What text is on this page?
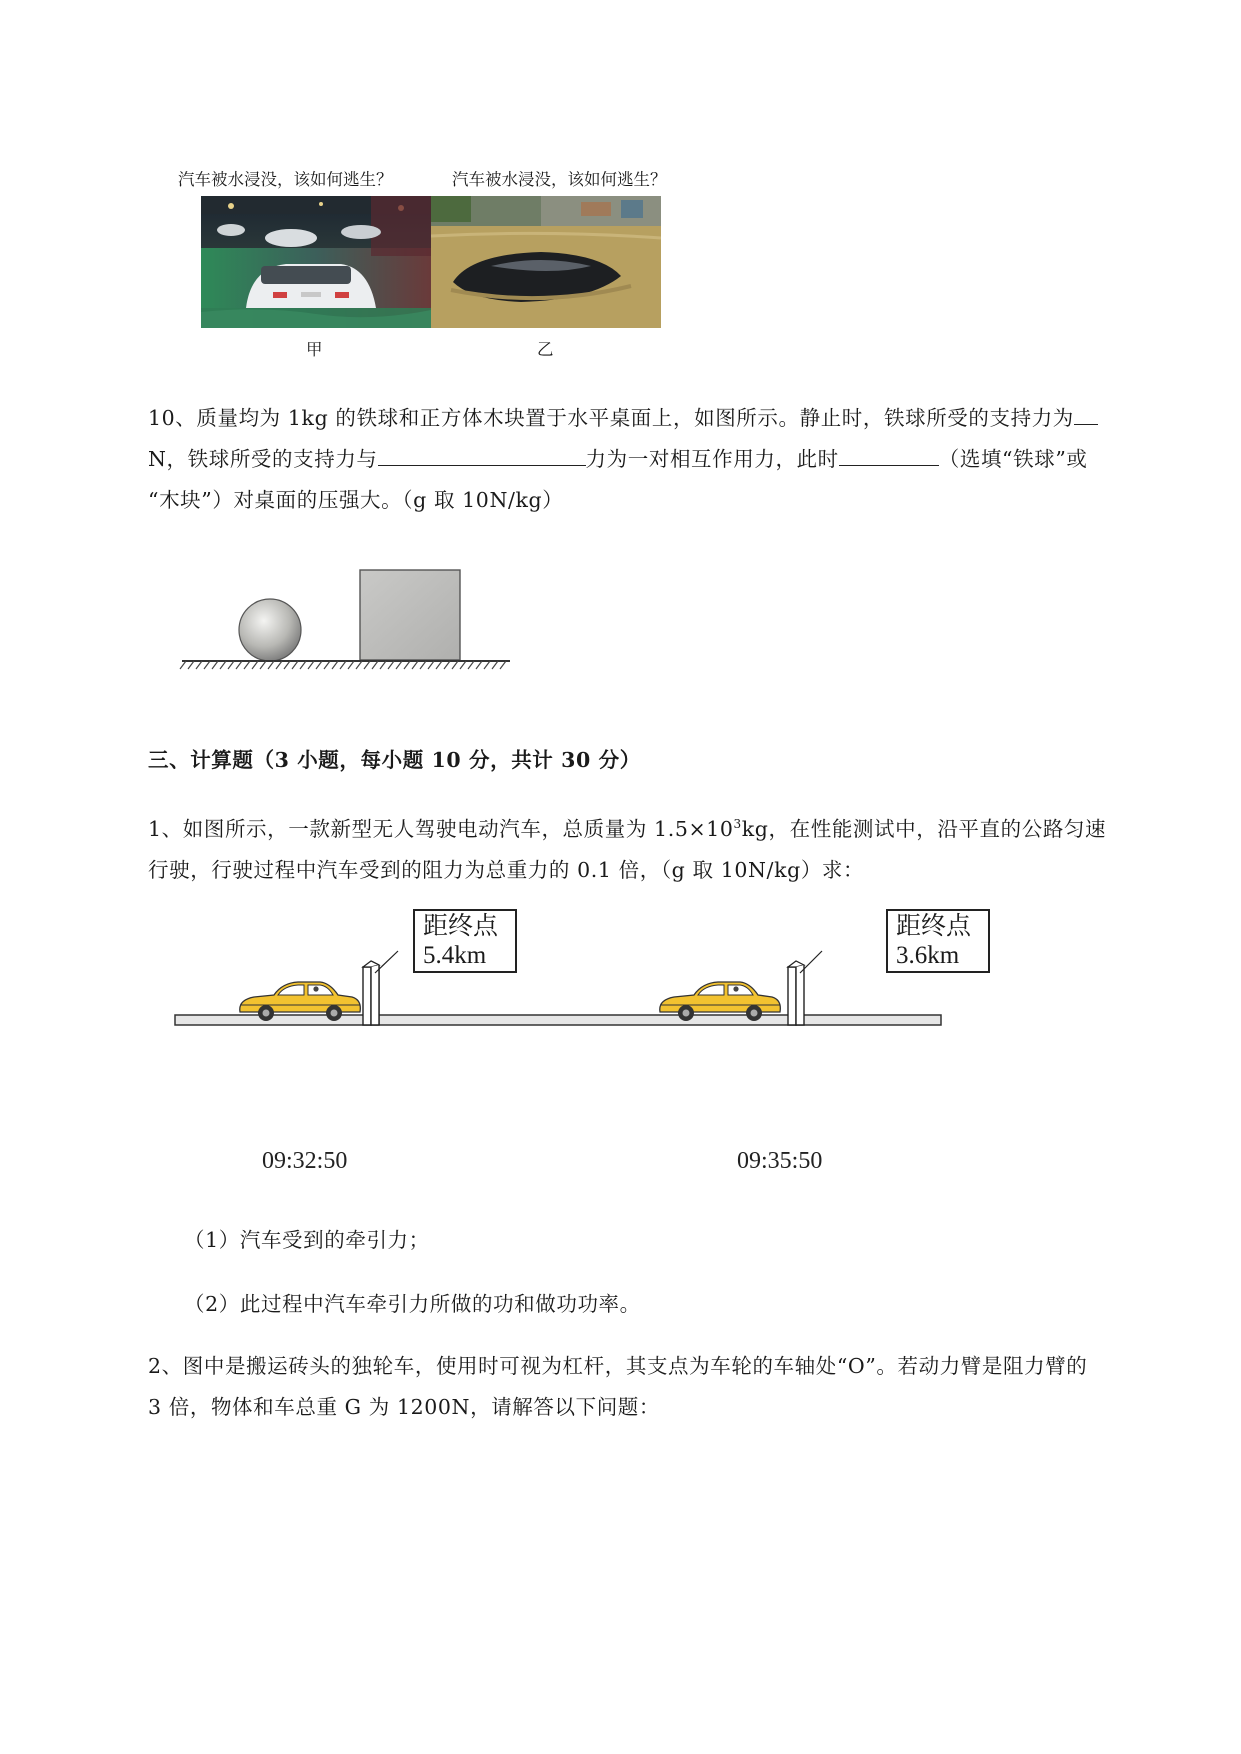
汽车被水浸没，该如何逃生？	汽车被水浸没，该如何逃生？
甲	乙
10、质量均为 1kg 的铁球和正方体木块置于水平桌面上，如图所示。静止时，铁球所受的支持力为
N，铁球所受的支持力与	力为一对相互作用力，此时	（选填“铁球”或
“木块”）对桌面的压强大。（g 取 10N/kg）
三、计算题（3 小题，每小题 10 分，共计 30 分）
1、如图所示，一款新型无人驾驶电动汽车，总质量为 $1.5\times 10^3kg$，在性能测试中，沿平直的公路匀速
行驶，行驶过程中汽车受到的阻力为总重力的 0.1 倍，（g 取 10N/kg）求：
距终点
5.4km
距终点
3.6km
09:32:50	09:35:50
（1）汽车受到的牵引力；
（2）此过程中汽车牵引力所做的功和做功功率。
2、图中是搬运砖头的独轮车，使用时可视为杠杆，其支点为车轮的车轴处“O”。若动力臂是阻力臂的
3 倍，物体和车总重 G 为 1200N，请解答以下问题：
